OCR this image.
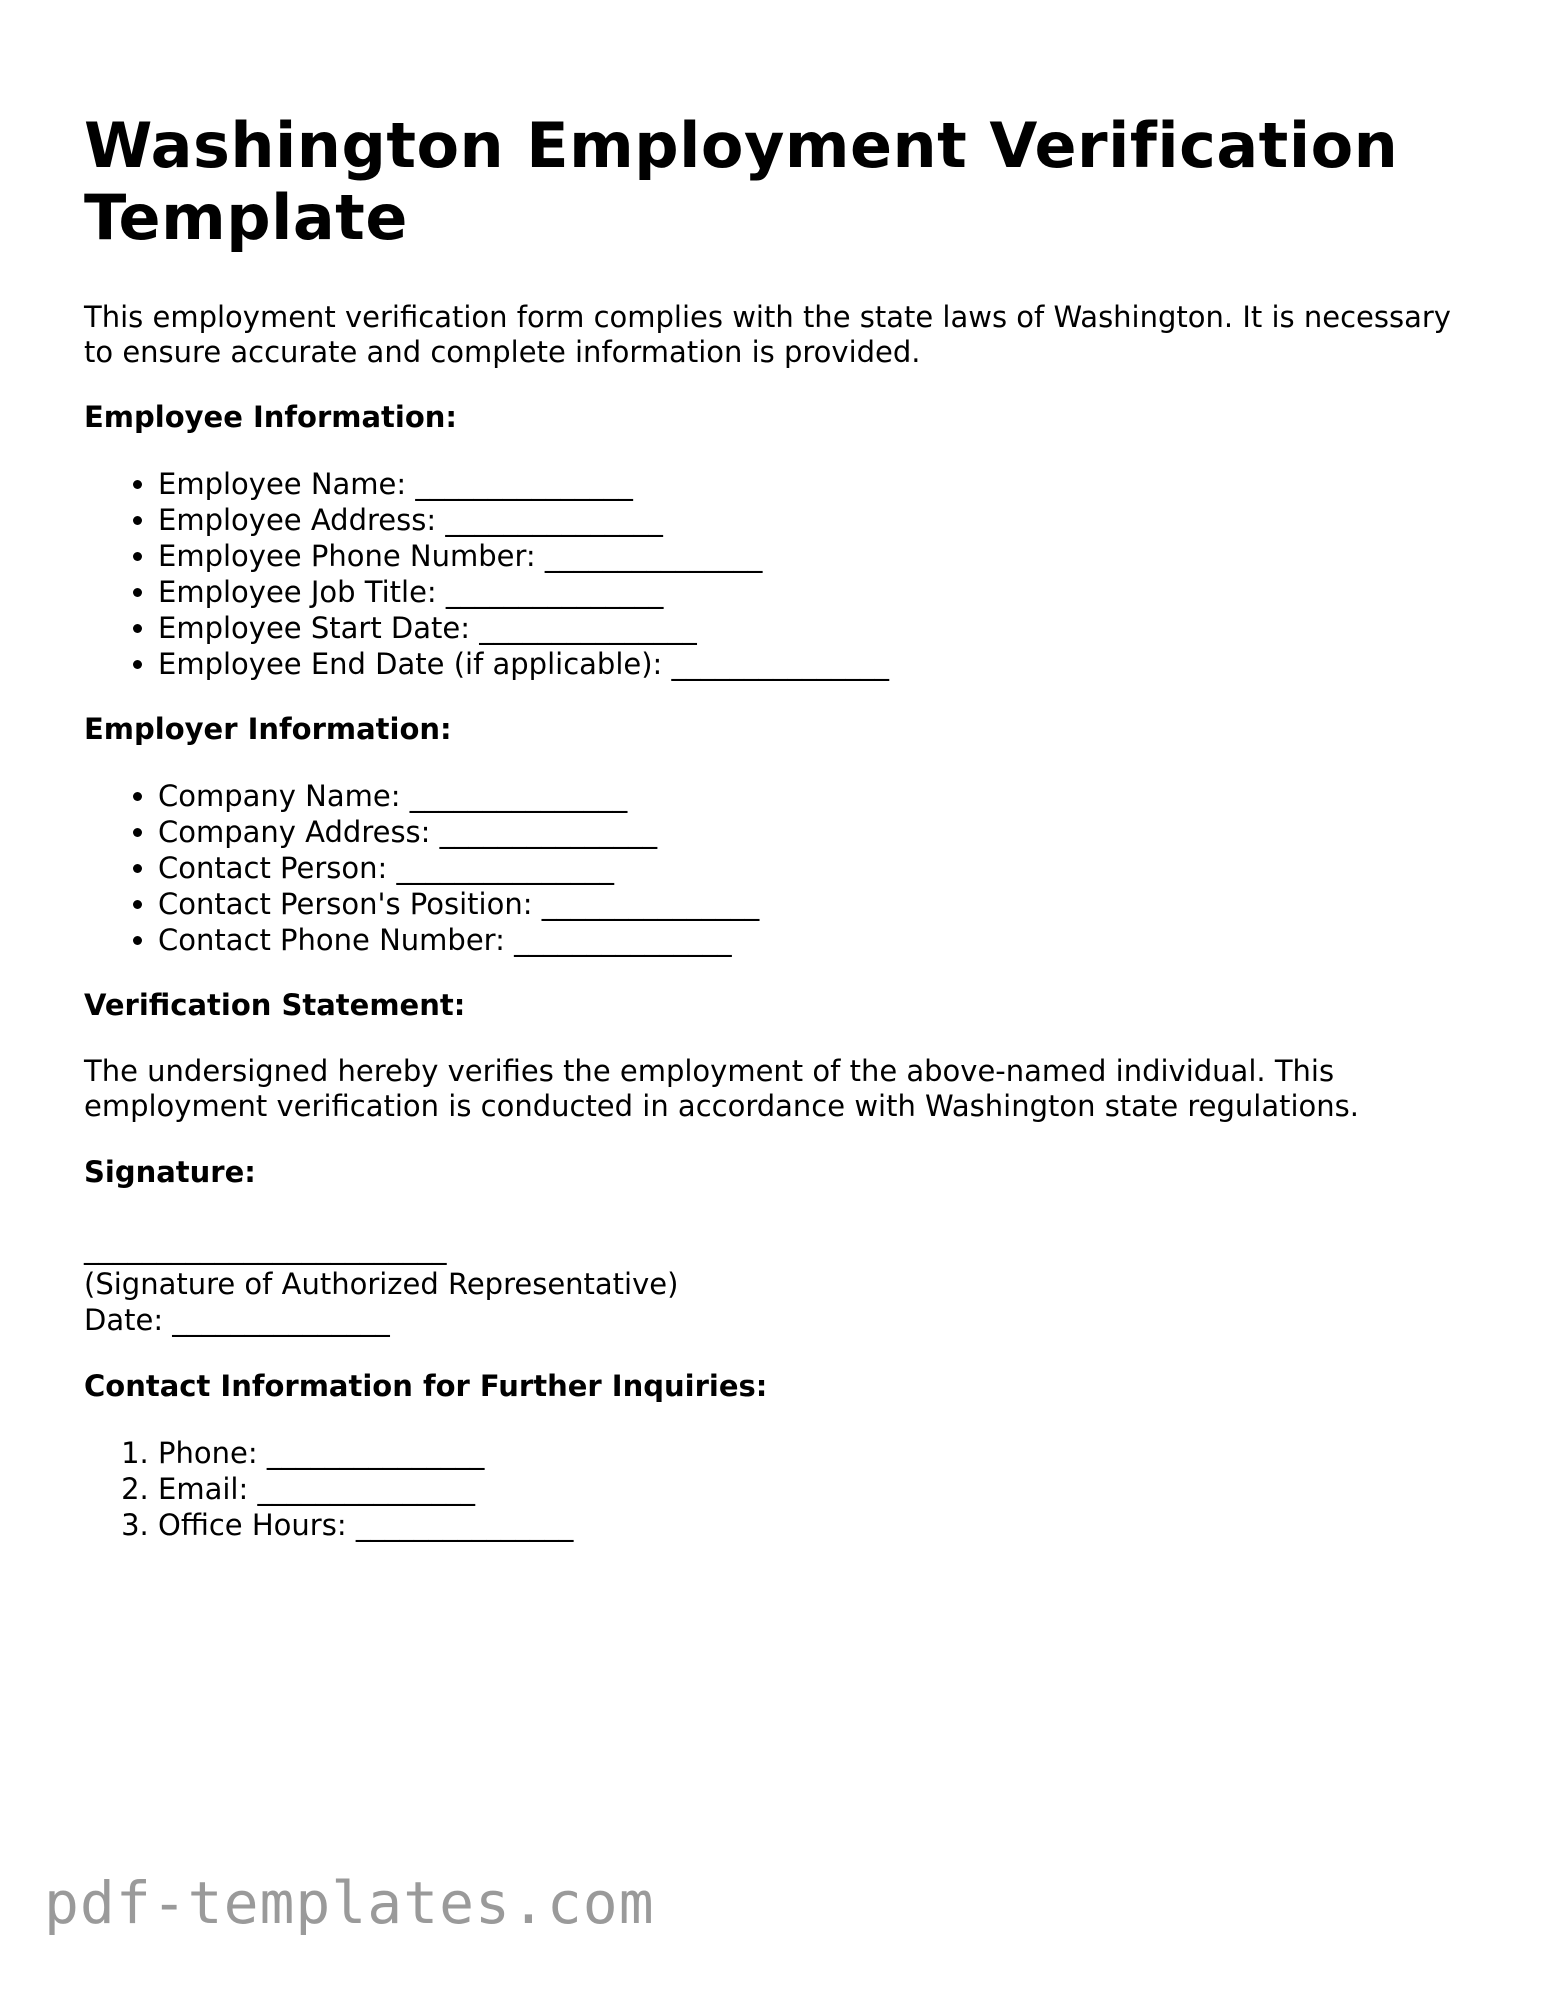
Washington Employment Verification Template

This employment verification form complies with the state laws of Washington. It is necessary to ensure accurate and complete information is provided.

Employee Information:
• Employee Name: _______________
• Employee Address: _______________
• Employee Phone Number: _______________
• Employee Job Title: _______________
• Employee Start Date: _______________
• Employee End Date (if applicable): _______________
Employer Information:
• Company Name: _______________
• Company Address: _______________
• Contact Person: _______________
• Contact Person's Position: _______________
• Contact Phone Number: _______________
Verification Statement:

The undersigned hereby verifies the employment of the above-named individual. This employment verification is conducted in accordance with Washington state regulations.

Signature:
_________________________
(Signature of Authorized Representative)
Date: _______________
Contact Information for Further Inquiries:
1. Phone: _______________
2. Email: _______________
3. Office Hours: _______________
pdf-templates.com
